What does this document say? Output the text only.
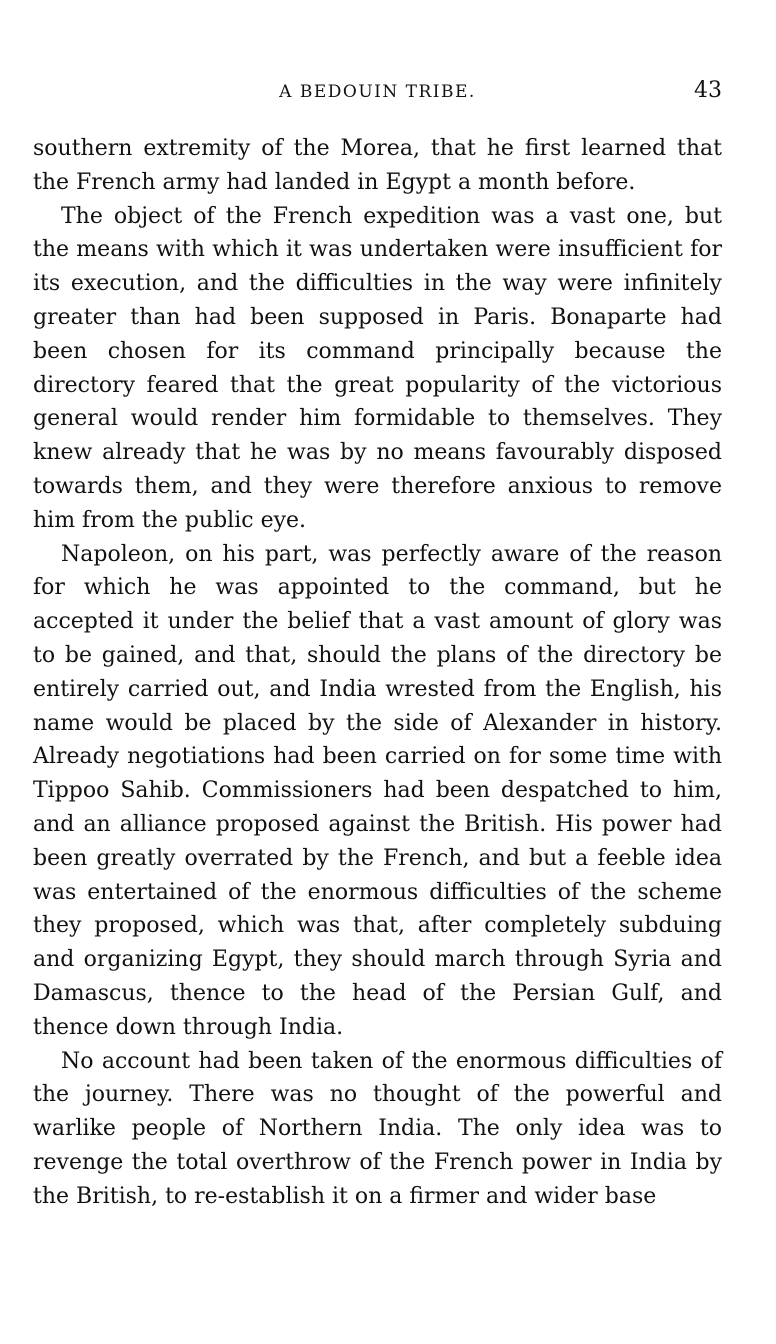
A BEDOUIN TRIBE.	43

southern extremity of the Morea, that he first learned that the French army had landed in Egypt a month before.

The object of the French expedition was a vast one, but the means with which it was undertaken were insufficient for its execution, and the difficulties in the way were infinitely greater than had been supposed in Paris. Bonaparte had been chosen for its command principally because the directory feared that the great popularity of the victorious general would render him formidable to themselves. They knew already that he was by no means favourably disposed towards them, and they were therefore anxious to remove him from the public eye.

Napoleon, on his part, was perfectly aware of the reason for which he was appointed to the command, but he accepted it under the belief that a vast amount of glory was to be gained, and that, should the plans of the directory be entirely carried out, and India wrested from the English, his name would be placed by the side of Alexander in history. Already negotiations had been carried on for some time with Tippoo Sahib. Commissioners had been despatched to him, and an alliance proposed against the British. His power had been greatly overrated by the French, and but a feeble idea was entertained of the enormous difficulties of the scheme they proposed, which was that, after completely subduing and organizing Egypt, they should march through Syria and Damascus, thence to the head of the Persian Gulf, and thence down through India.

No account had been taken of the enormous difficulties of the journey. There was no thought of the powerful and warlike people of Northern India. The only idea was to revenge the total overthrow of the French power in India by the British, to re-establish it on a firmer and wider base
